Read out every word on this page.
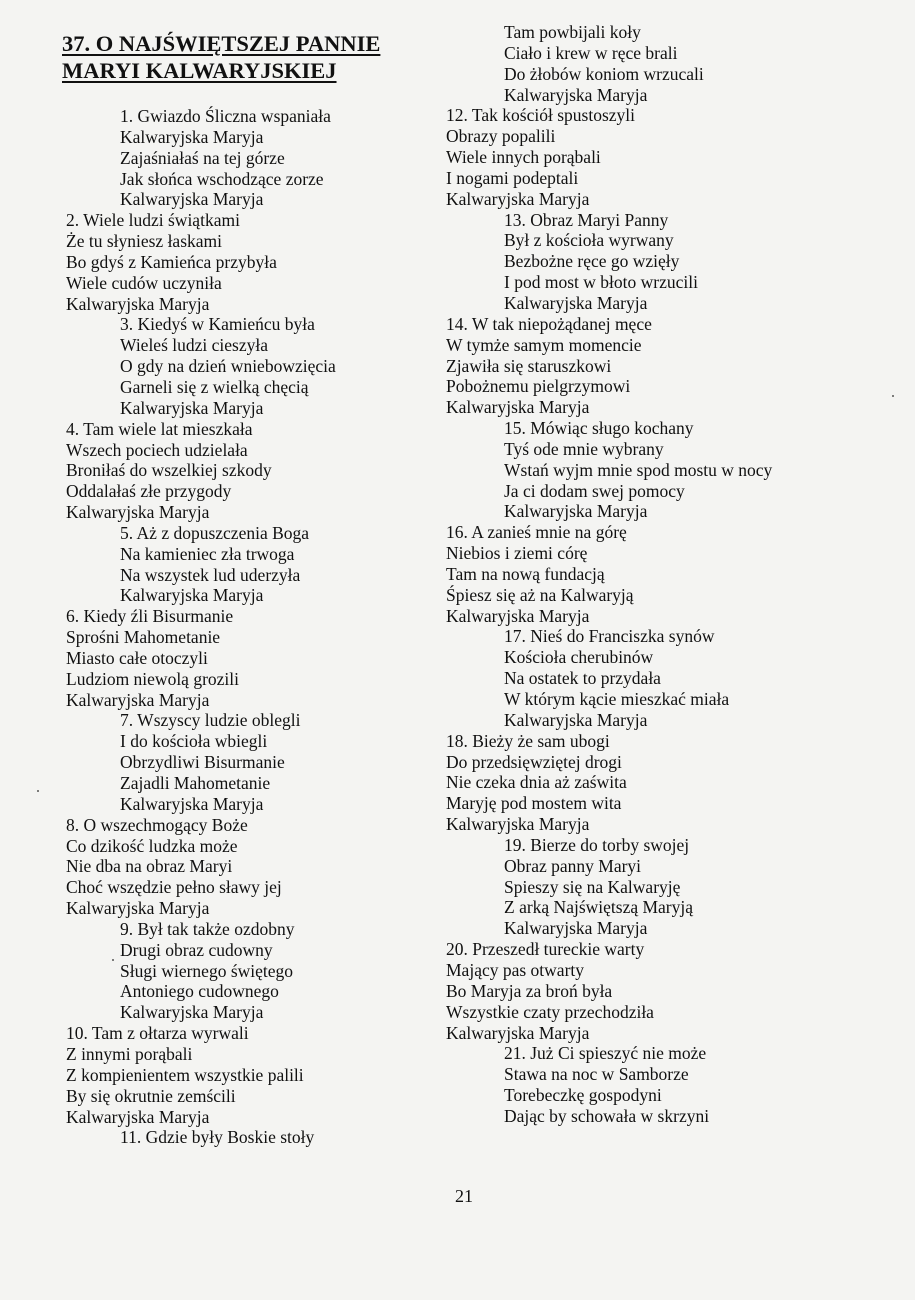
37. O NAJŚWIĘTSZEJ PANNIE
MARYI KALWARYJSKIEJ
1. Gwiazdo Śliczna wspaniała
Kalwaryjska Maryja
Zajaśniałaś na tej górze
Jak słońca wschodzące zorze
Kalwaryjska Maryja
2. Wiele ludzi świątkami
Że tu słyniesz łaskami
Bo gdyś z Kamieńca przybyła
Wiele cudów uczyniła
Kalwaryjska Maryja
3. Kiedyś w Kamieńcu była
Wieleś ludzi cieszyła
O gdy na dzień wniebowzięcia
Garneli się z wielką chęcią
Kalwaryjska Maryja
4. Tam wiele lat mieszkała
Wszech pociech udzielała
Broniłaś do wszelkiej szkody
Oddalałaś złe przygody
Kalwaryjska Maryja
5. Aż z dopuszczenia Boga
Na kamieniec zła trwoga
Na wszystek lud uderzyła
Kalwaryjska Maryja
6. Kiedy źli Bisurmanie
Sprośni Mahometanie
Miasto całe otoczyli
Ludziom niewolą grozili
Kalwaryjska Maryja
7. Wszyscy ludzie oblegli
I do kościoła wbiegli
Obrzydliwi Bisurmanie
Zajadli Mahometanie
Kalwaryjska Maryja
8. O wszechmogący Boże
Co dzikość ludzka może
Nie dba na obraz Maryi
Choć wszędzie pełno sławy jej
Kalwaryjska Maryja
9. Był tak także ozdobny
Drugi obraz cudowny
Sługi wiernego świętego
Antoniego cudownego
Kalwaryjska Maryja
10. Tam z ołtarza wyrwali
Z innymi porąbali
Z kompienientem wszystkie palili
By się okrutnie zemścili
Kalwaryjska Maryja
11. Gdzie były Boskie stoły
Tam powbijali koły
Ciało i krew w ręce brali
Do żłobów koniom wrzucali
Kalwaryjska Maryja
12. Tak kościół spustoszyli
Obrazy popalili
Wiele innych porąbali
I nogami podeptali
Kalwaryjska Maryja
13. Obraz Maryi Panny
Był z kościoła wyrwany
Bezbożne ręce go wzięły
I pod most w błoto wrzucili
Kalwaryjska Maryja
14. W tak niepożądanej męce
W tymże samym momencie
Zjawiła się staruszkowi
Pobożnemu pielgrzymowi
Kalwaryjska Maryja
15. Mówiąc sługo kochany
Tyś ode mnie wybrany
Wstań wyjm mnie spod mostu w nocy
Ja ci dodam swej pomocy
Kalwaryjska Maryja
16. A zanieś mnie na górę
Niebios i ziemi córę
Tam na nową fundacją
Śpiesz się aż na Kalwaryją
Kalwaryjska Maryja
17. Nieś do Franciszka synów
Kościoła cherubinów
Na ostatek to przydała
W którym kącie mieszkać miała
Kalwaryjska Maryja
18. Bieży że sam ubogi
Do przedsięwziętej drogi
Nie czeka dnia aż zaświta
Maryję pod mostem wita
Kalwaryjska Maryja
19. Bierze do torby swojej
Obraz panny Maryi
Spieszy się na Kalwaryję
Z arką Najświętszą Maryją
Kalwaryjska Maryja
20. Przeszedł tureckie warty
Mający pas otwarty
Bo Maryja za broń była
Wszystkie czaty przechodziła
Kalwaryjska Maryja
21. Już Ci spieszyć nie może
Stawa na noc w Samborze
Torebeczkę gospodyni
Dając by schowała w skrzyni
21
